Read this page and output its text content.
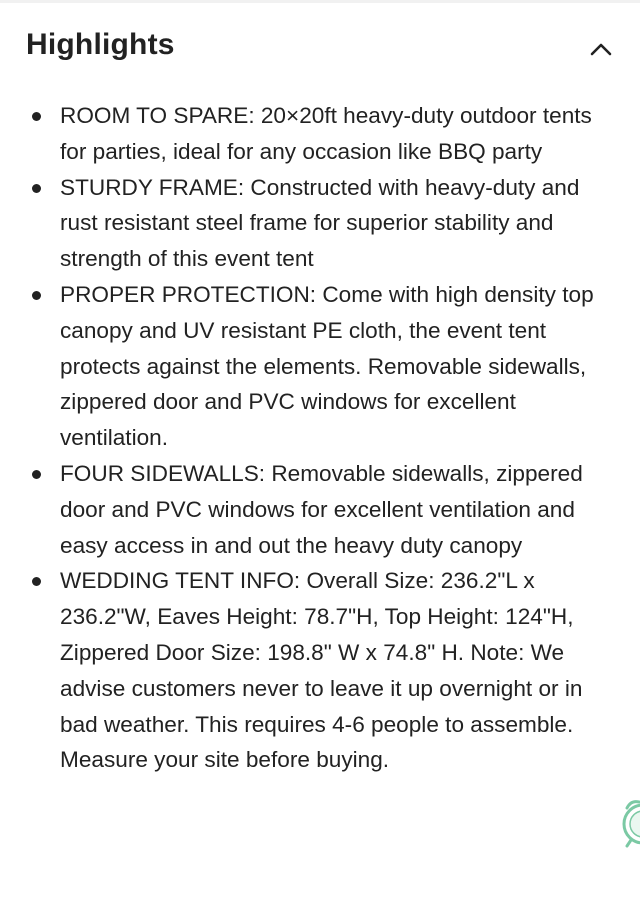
Highlights
ROOM TO SPARE: 20×20ft heavy-duty outdoor tents for parties, ideal for any occasion like BBQ party
STURDY FRAME: Constructed with heavy-duty and rust resistant steel frame for superior stability and strength of this event tent
PROPER PROTECTION: Come with high density top canopy and UV resistant PE cloth, the event tent protects against the elements. Removable sidewalls, zippered door and PVC windows for excellent ventilation.
FOUR SIDEWALLS: Removable sidewalls, zippered door and PVC windows for excellent ventilation and easy access in and out the heavy duty canopy
WEDDING TENT INFO: Overall Size: 236.2"L x 236.2"W, Eaves Height: 78.7"H, Top Height: 124"H, Zippered Door Size: 198.8" W x 74.8" H. Note: We advise customers never to leave it up overnight or in bad weather. This requires 4-6 people to assemble. Measure your site before buying.
